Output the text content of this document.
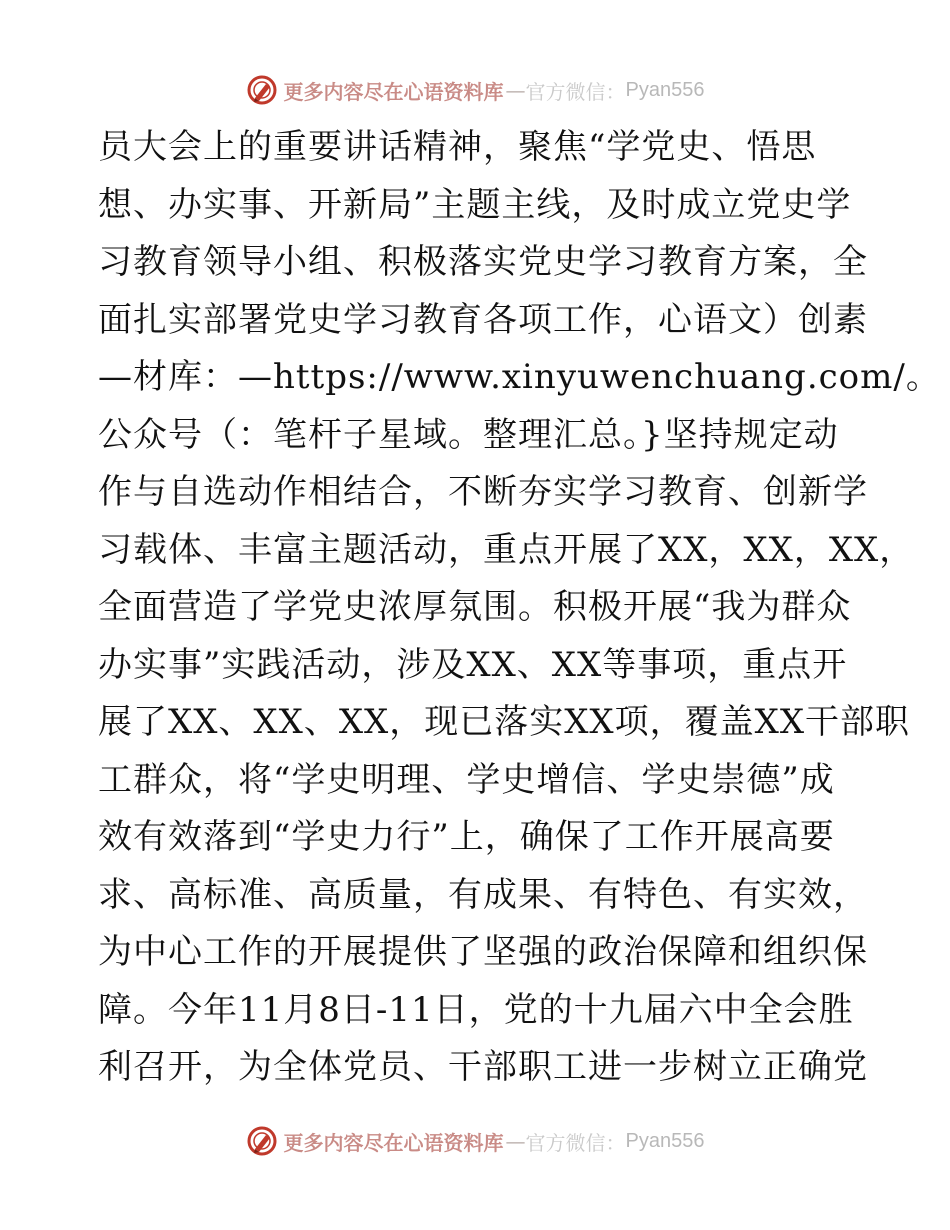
更多内容尽在心语资料库 — 官方微信： Pyan556
员大会上的重要讲话精神，聚焦“学党史、悟思
想、办实事、开新局”主题主线，及时成立党史学
习教育领导小组、积极落实党史学习教育方案，全
面扎实部署党史学习教育各项工作，心语文）创素
—材库：—https://www.xinyuwenchuang.com/。
公众号（：笔杆子星域。整理汇总。}坚持规定动
作与自选动作相结合，不断夯实学习教育、创新学
习载体、丰富主题活动，重点开展了XX，XX，XX，
全面营造了学党史浓厚氛围。积极开展“我为群众
办实事”实践活动，涉及XX、XX等事项，重点开
展了XX、XX、XX，现已落实XX项，覆盖XX干部职
工群众，将“学史明理、学史增信、学史崇德”成
效有效落到“学史力行”上，确保了工作开展高要
求、高标准、高质量，有成果、有特色、有实效，
为中心工作的开展提供了坚强的政治保障和组织保
障。今年11月8日-11日，党的十九届六中全会胜
利召开，为全体党员、干部职工进一步树立正确党
更多内容尽在心语资料库 — 官方微信： Pyan556
